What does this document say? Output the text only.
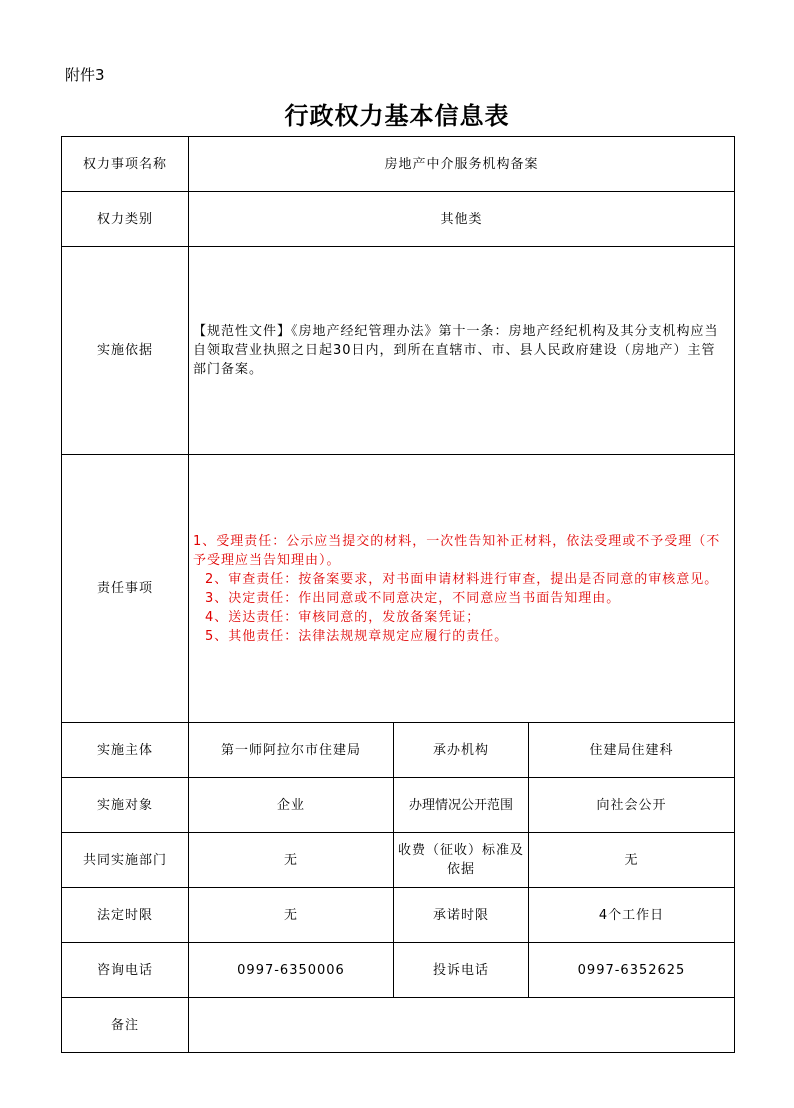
附件3
行政权力基本信息表
权力事项名称	房地产中介服务机构备案		
权力类别	其他类		
实施依据	【规范性文件】《房地产经纪管理办法》第十一条：房地产经纪机构及其分支机构应当自领取营业执照之日起30日内，到所在直辖市、市、县人民政府建设（房地产）主管部门备案。		
责任事项	1、受理责任：公示应当提交的材料，一次性告知补正材料，依法受理或不予受理（不予受理应当告知理由）。

2、审查责任：按备案要求，对书面申请材料进行审查，提出是否同意的审核意见。

3、决定责任：作出同意或不同意决定，不同意应当书面告知理由。

4、送达责任：审核同意的，发放备案凭证；

5、其他责任：法律法规规章规定应履行的责任。		

实施主体	第一师阿拉尔市住建局	承办机构	住建局住建科
实施对象	企业	办理情况公开范围	向社会公开
共同实施部门	无	收费（征收）标准及依据	无
法定时限	无	承诺时限	4个工作日
咨询电话	0997-6350006	投诉电话	0997-6352625
备注			
